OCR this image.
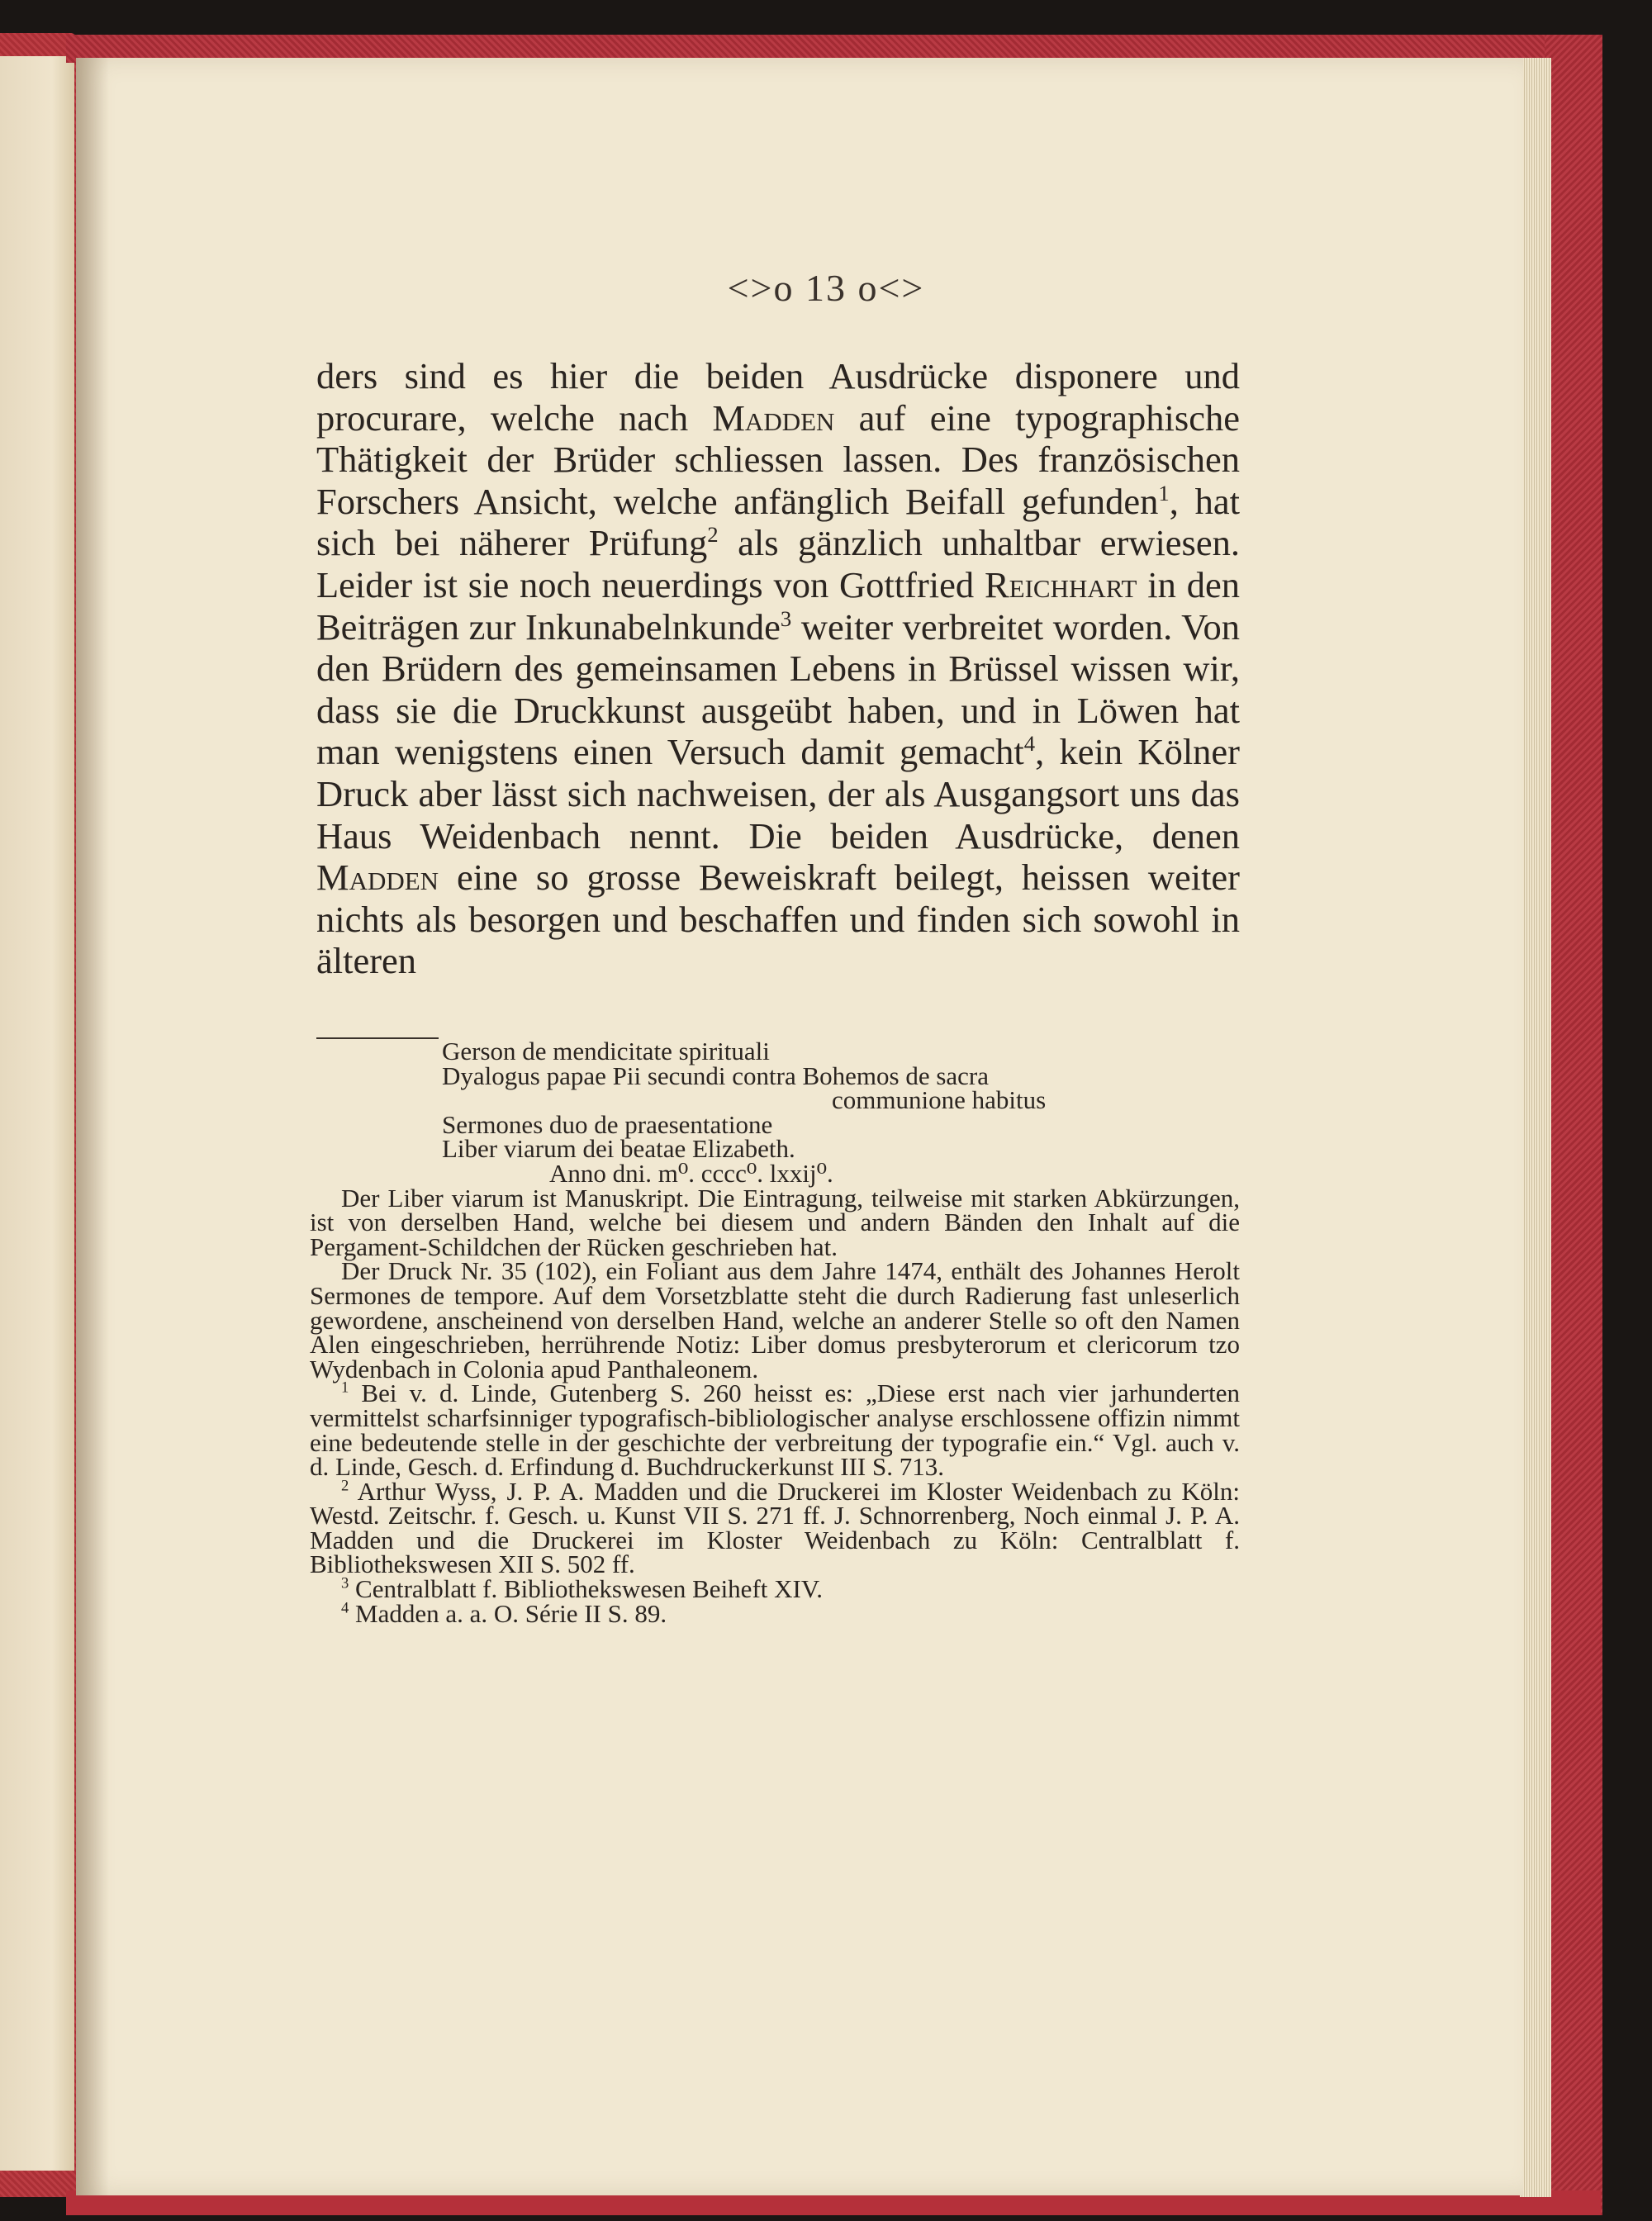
<>o 13 o<>

ders sind es hier die beiden Ausdrücke disponere und procurare, welche nach Madden auf eine typographische Thätigkeit der Brüder schliessen lassen. Des französischen Forschers Ansicht, welche anfänglich Beifall gefunden$^1$, hat sich bei näherer Prüfung$^2$ als gänzlich unhaltbar erwiesen. Leider ist sie noch neuerdings von Gottfried Reichhart in den Beiträgen zur Inkunabelnkunde$^3$ weiter verbreitet worden. Von den Brüdern des gemeinsamen Lebens in Brüssel wissen wir, dass sie die Druckkunst ausgeübt haben, und in Löwen hat man wenigstens einen Versuch damit gemacht$^4$, kein Kölner Druck aber lässt sich nachweisen, der als Ausgangsort uns das Haus Weidenbach nennt. Die beiden Ausdrücke, denen Madden eine so grosse Beweiskraft beilegt, heissen weiter nichts als besorgen und beschaffen und finden sich sowohl in älteren

Gerson de mendicitate spirituali

Dyalogus papae Pii secundi contra Bohemos de sacra

communione habitus

Sermones duo de praesentatione

Liber viarum dei beatae Elizabeth.

Anno dni. m⁰. cccc⁰. lxxij⁰.

Der Liber viarum ist Manuskript. Die Eintragung, teilweise mit starken Abkürzungen, ist von derselben Hand, welche bei diesem und andern Bänden den Inhalt auf die Pergament-Schildchen der Rücken geschrieben hat.

Der Druck Nr. 35 (102), ein Foliant aus dem Jahre 1474, enthält des Johannes Herolt Sermones de tempore. Auf dem Vorsetzblatte steht die durch Radierung fast unleserlich gewordene, anscheinend von derselben Hand, welche an anderer Stelle so oft den Namen Alen eingeschrieben, herrührende Notiz: Liber domus presbyterorum et clericorum tzo Wydenbach in Colonia apud Panthaleonem.

$^1$ Bei v. d. Linde, Gutenberg S. 260 heisst es: „Diese erst nach vier jarhunderten vermittelst scharfsinniger typografisch-bibliologischer analyse erschlossene offizin nimmt eine bedeutende stelle in der geschichte der verbreitung der typografie ein.“ Vgl. auch v. d. Linde, Gesch. d. Erfindung d. Buchdruckerkunst III S. 713.

$^2$ Arthur Wyss, J. P. A. Madden und die Druckerei im Kloster Weidenbach zu Köln: Westd. Zeitschr. f. Gesch. u. Kunst VII S. 271 ff. J. Schnorrenberg, Noch einmal J. P. A. Madden und die Druckerei im Kloster Weidenbach zu Köln: Centralblatt f. Bibliothekswesen XII S. 502 ff.

$^3$ Centralblatt f. Bibliothekswesen Beiheft XIV.

$^4$ Madden a. a. O. Série II S. 89.
